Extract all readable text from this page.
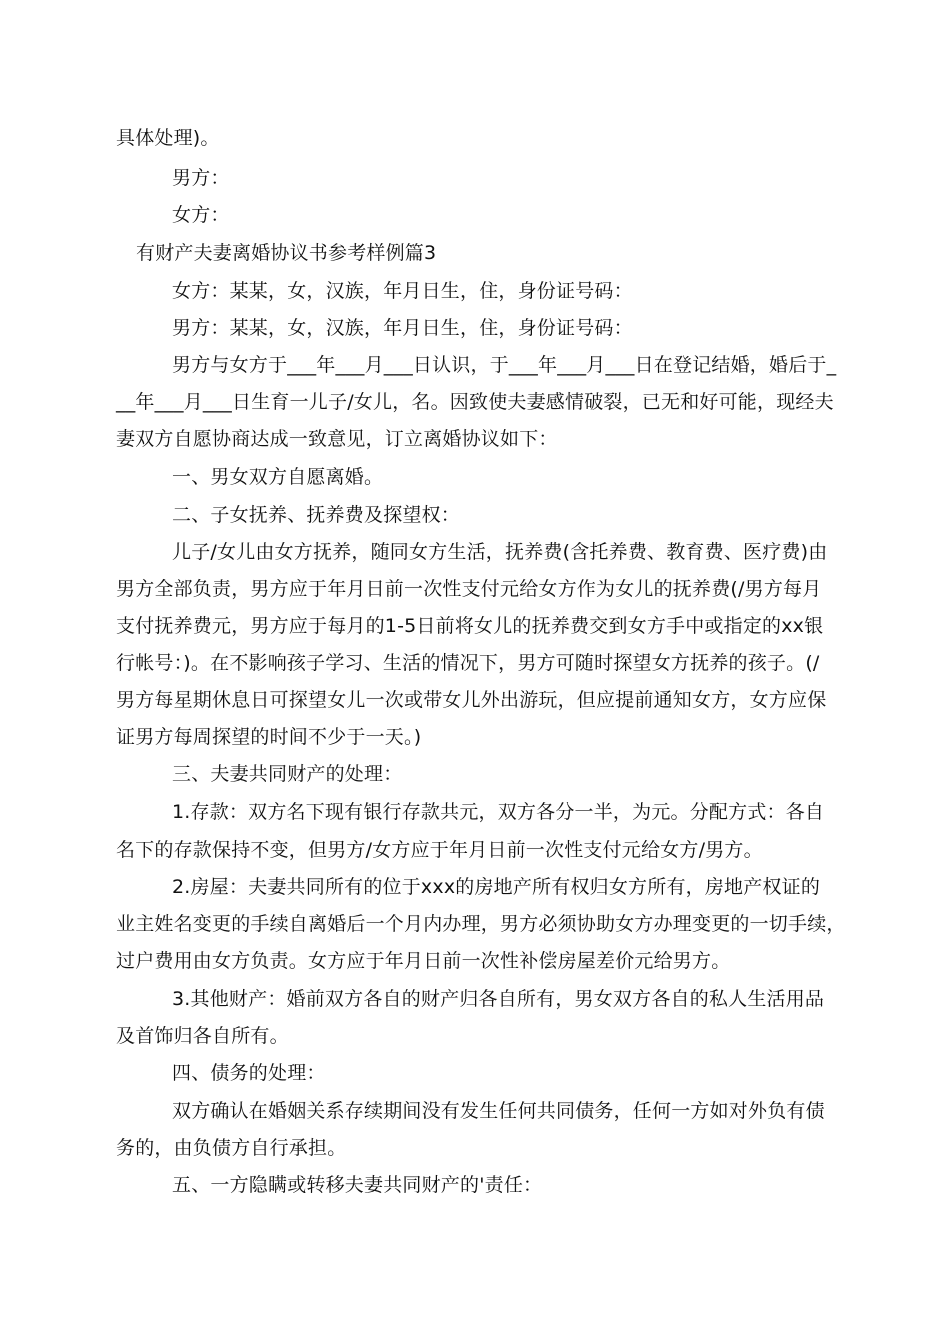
具体处理)。
男方：
女方：
有财产夫妻离婚协议书参考样例篇3
女方：某某，女，汉族，年月日生，住，身份证号码：
男方：某某，女，汉族，年月日生，住，身份证号码：
男方与女方于___年___月___日认识，于___年___月___日在登记结婚，婚后于_
__年___月___日生育一儿子/女儿，名。因致使夫妻感情破裂，已无和好可能，现经夫
妻双方自愿协商达成一致意见，订立离婚协议如下：
一、男女双方自愿离婚。
二、子女抚养、抚养费及探望权：
儿子/女儿由女方抚养，随同女方生活，抚养费(含托养费、教育费、医疗费)由
男方全部负责，男方应于年月日前一次性支付元给女方作为女儿的抚养费(/男方每月
支付抚养费元，男方应于每月的1-5日前将女儿的抚养费交到女方手中或指定的xx银
行帐号：)。在不影响孩子学习、生活的情况下，男方可随时探望女方抚养的孩子。(/
男方每星期休息日可探望女儿一次或带女儿外出游玩，但应提前通知女方，女方应保
证男方每周探望的时间不少于一天。)
三、夫妻共同财产的处理：
1.存款：双方名下现有银行存款共元，双方各分一半，为元。分配方式：各自
名下的存款保持不变，但男方/女方应于年月日前一次性支付元给女方/男方。
2.房屋：夫妻共同所有的位于xxx的房地产所有权归女方所有，房地产权证的
业主姓名变更的手续自离婚后一个月内办理，男方必须协助女方办理变更的一切手续，
过户费用由女方负责。女方应于年月日前一次性补偿房屋差价元给男方。
3.其他财产：婚前双方各自的财产归各自所有，男女双方各自的私人生活用品
及首饰归各自所有。
四、债务的处理：
双方确认在婚姻关系存续期间没有发生任何共同债务，任何一方如对外负有债
务的，由负债方自行承担。
五、一方隐瞒或转移夫妻共同财产的'责任：
